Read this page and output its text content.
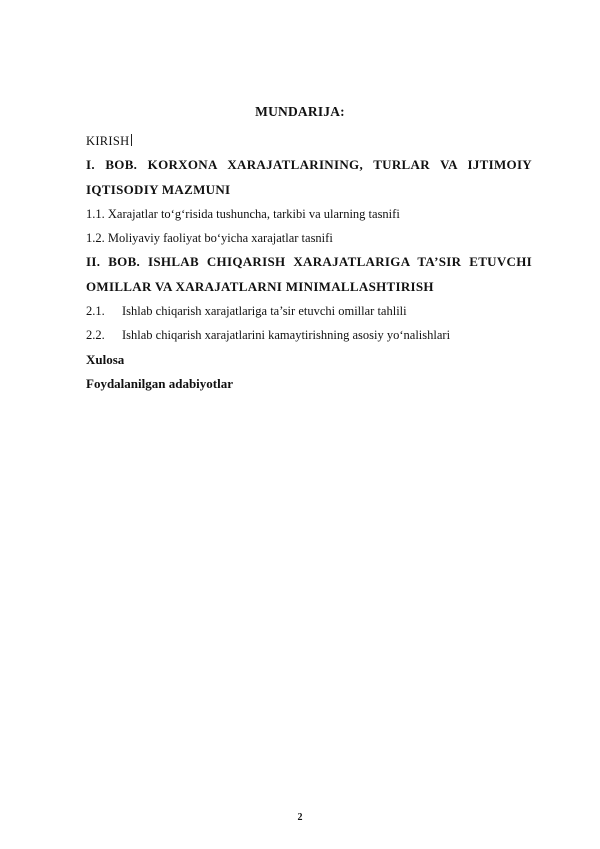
MUNDARIJA:
KIRISH
I. BOB. KORXONA XARAJATLARINING, TURLAR VA IJTIMOIY
IQTISODIY MAZMUNI
1.1. Xarajatlar to‘g‘risida tushuncha, tarkibi va ularning tasnifi
1.2. Moliyaviy faoliyat bo‘yicha xarajatlar tasnifi
II. BOB. ISHLAB CHIQARISH XARAJATLARIGA TA’SIR ETUVCHI
OMILLAR VA XARAJATLARNI MINIMALLASHTIRISH
2.1. Ishlab chiqarish xarajatlariga ta’sir etuvchi omillar tahlili
2.2. Ishlab chiqarish xarajatlarini kamaytirishning asosiy yo‘nalishlari
Xulosa
Foydalanilgan adabiyotlar
2
